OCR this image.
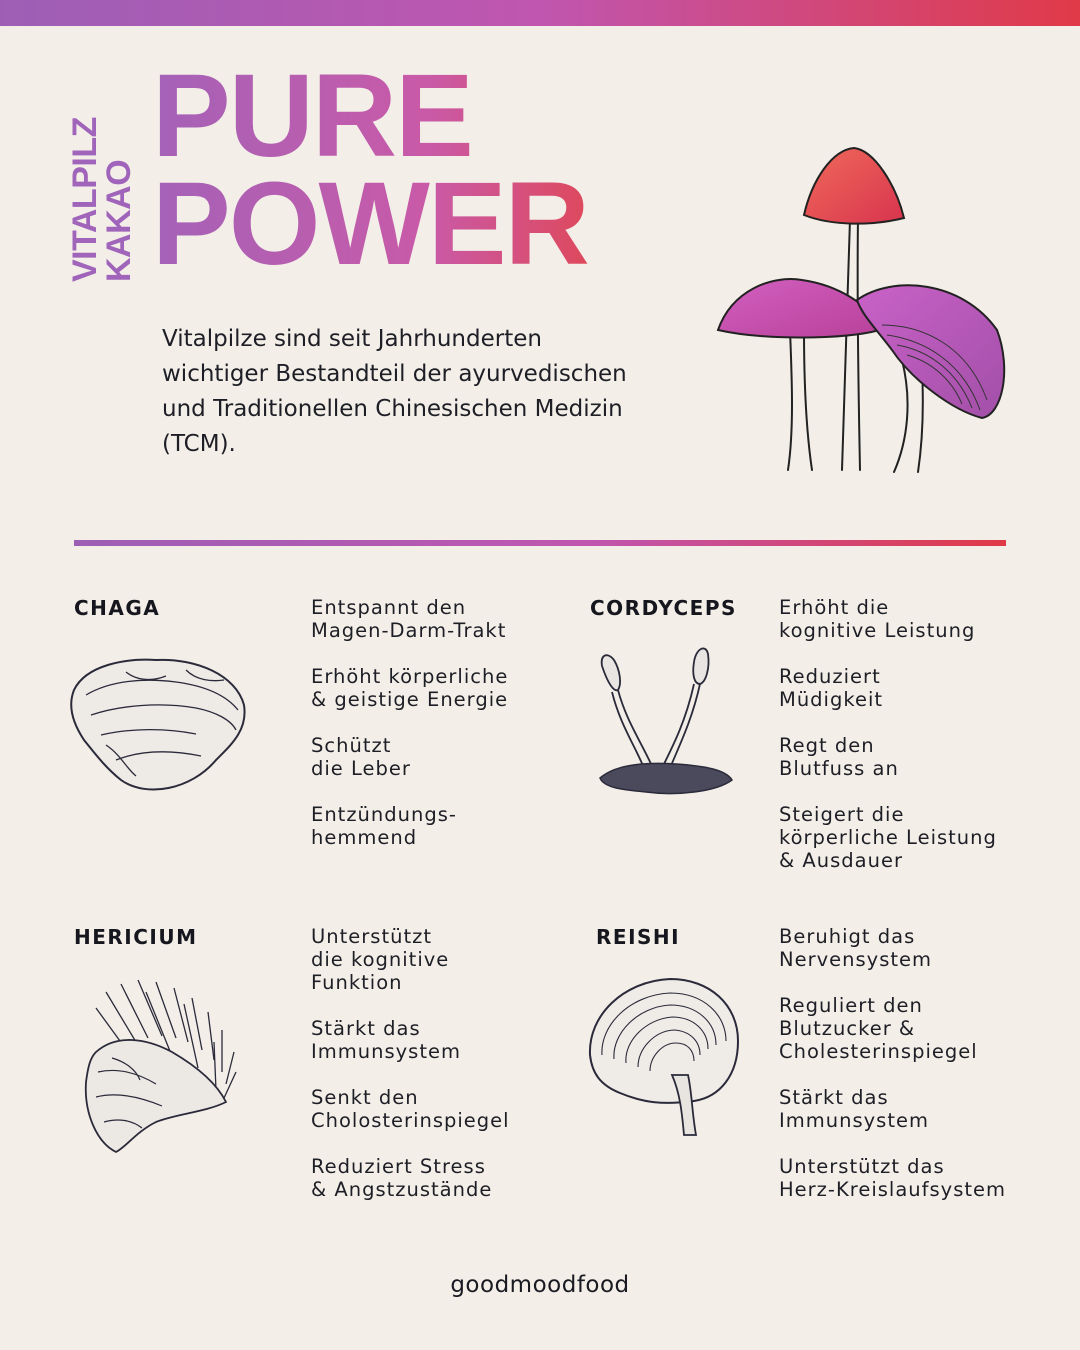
VITALPILZ
KAKAO
PURE
POWER
Vitalpilze sind seit Jahrhunderten wichtiger Bestandteil der ayurvedischen und Traditionellen Chinesischen Medizin (TCM).
CHAGA	Entspannt den
Magen-Darm-Trakt
Erhöht körperliche
& geistige Energie
Schützt
die Leber
Entzündungs-
hemmend
CORDYCEPS Erhöht die
kognitive Leistung
Reduziert
Müdigkeit
Regt den
Blutfuss an
Steigert die
körperliche Leistung
& Ausdauer
HERICIUM	Unterstützt
die kognitive
Funktion
Stärkt das
Immunsystem
Senkt den
Cholosterinspiegel
Reduziert Stress
& Angstzustände
REISHI	Beruhigt das
Nervensystem
Reguliert den
Blutzucker &
Cholesterinspiegel
Stärkt das
Immunsystem
Unterstützt das
Herz-Kreislaufsystem
goodmoodfood
